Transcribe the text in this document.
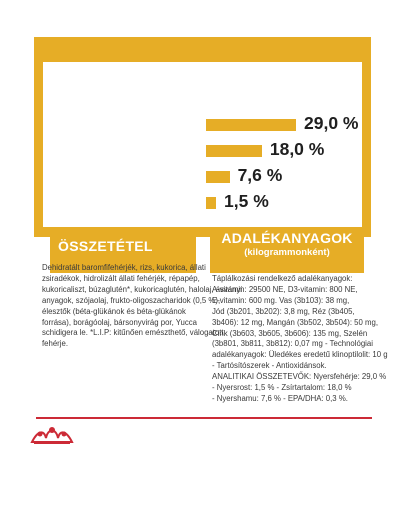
ANALITIKAI ÖSSZETEVŐK
29,0 %
18,0 %
7,6 %
1,5 %
ÖSSZETÉTEL	ADALÉKANYAGOK
(kilogrammonként)
Dehidratált baromfifehérjék, rizs, kukorica, állati
zsiradékok, hidrolizált állati fehérjék, répapép,
kukoricaliszt, búzaglutén*, kukoricaglutén, halolaj, ásványi
anyagok, szójaolaj, frukto-oligoszacharidok (0,5 %),
élesztők (béta-glükánok és béta-glükánok
forrása), borágóolaj, bársonyvirág por, Yucca
schidigera le. *L.I.P: kitűnően emészthető, válogatott
fehérje.
Táplálkozási rendelkező adalékanyagok:
A-vitamin: 29500 NE, D3-vitamin: 800 NE,
E-vitamin: 600 mg. Vas (3b103): 38 mg,
Jód (3b201, 3b202): 3,8 mg, Réz (3b405,
3b406): 12 mg, Mangán (3b502, 3b504): 50 mg,
Cink (3b603, 3b605, 3b606): 135 mg, Szelén
(3b801, 3b811, 3b812): 0,07 mg - Technológiai
adalékanyagok: Üledékes eredetű klinoptilolit: 10 g
- Tartósítószerek - Antioxidánsok.
ANALITIKAI ÖSSZETEVŐK: Nyersfehérje: 29,0 %
- Nyersrost: 1,5 % - Zsírtartalom: 18,0 %
- Nyershamu: 7,6 % - EPA/DHA: 0,3 %.
